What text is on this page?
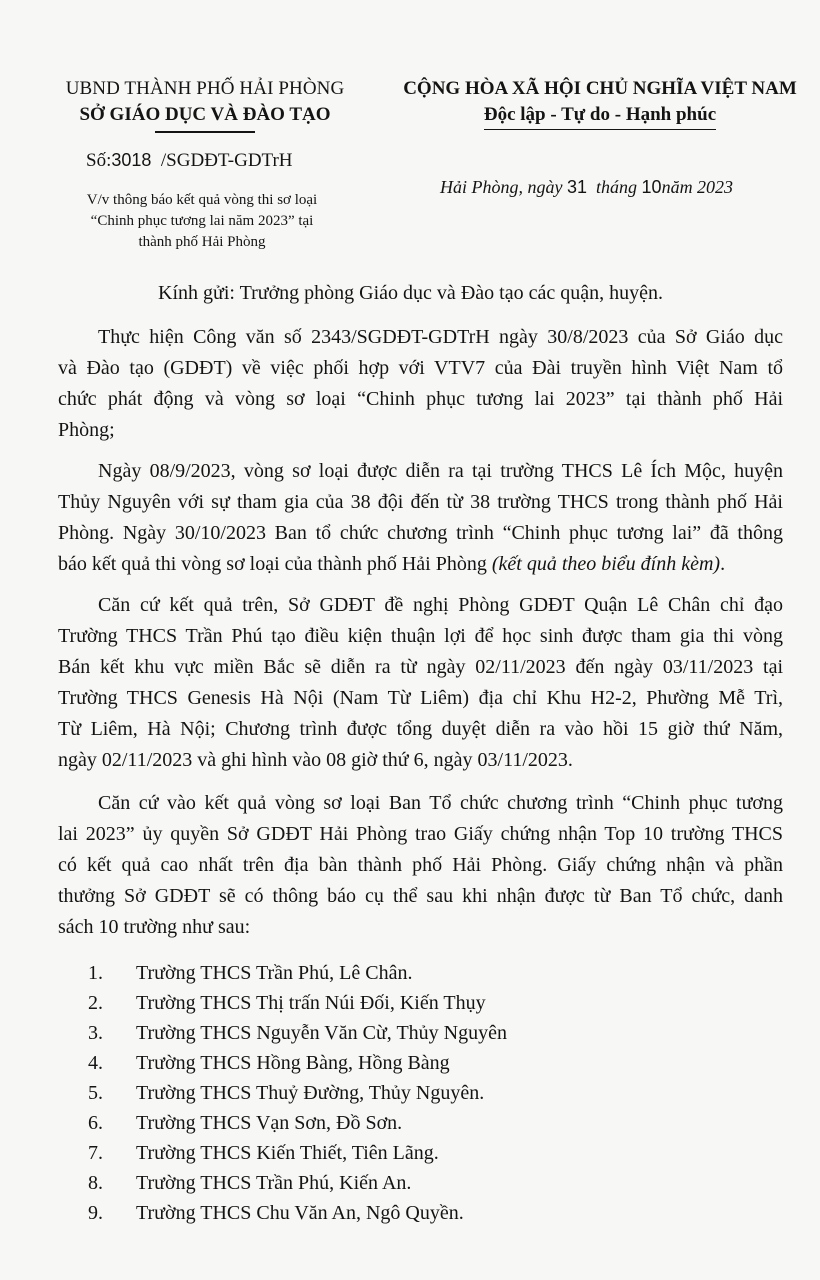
UBND THÀNH PHỐ HẢI PHÒNG
SỞ GIÁO DỤC VÀ ĐÀO TẠO
CỘNG HÒA XÃ HỘI CHỦ NGHĨA VIỆT NAM
Độc lập - Tự do - Hạnh phúc
Số:3018 /SGDĐT-GDTrH
V/v thông báo kết quả vòng thi sơ loại
“Chinh phục tương lai năm 2023” tại
thành phố Hải Phòng
Hải Phòng, ngày 31 tháng 10năm 2023
Kính gửi: Trưởng phòng Giáo dục và Đào tạo các quận, huyện.
Thực hiện Công văn số 2343/SGDĐT-GDTrH ngày 30/8/2023 của Sở Giáo dục
và Đào tạo (GDĐT) về việc phối hợp với VTV7 của Đài truyền hình Việt Nam tổ
chức phát động và vòng sơ loại “Chinh phục tương lai 2023” tại thành phố Hải
Phòng;
Ngày 08/9/2023, vòng sơ loại được diễn ra tại trường THCS Lê Ích Mộc, huyện
Thủy Nguyên với sự tham gia của 38 đội đến từ 38 trường THCS trong thành phố Hải
Phòng. Ngày 30/10/2023 Ban tổ chức chương trình “Chinh phục tương lai” đã thông
báo kết quả thi vòng sơ loại của thành phố Hải Phòng (kết quả theo biểu đính kèm).
Căn cứ kết quả trên, Sở GDĐT đề nghị Phòng GDĐT Quận Lê Chân chỉ đạo
Trường THCS Trần Phú tạo điều kiện thuận lợi để học sinh được tham gia thi vòng
Bán kết khu vực miền Bắc sẽ diễn ra từ ngày 02/11/2023 đến ngày 03/11/2023 tại
Trường THCS Genesis Hà Nội (Nam Từ Liêm) địa chỉ Khu H2-2, Phường Mễ Trì,
Từ Liêm, Hà Nội; Chương trình được tổng duyệt diễn ra vào hồi 15 giờ thứ Năm,
ngày 02/11/2023 và ghi hình vào 08 giờ thứ 6, ngày 03/11/2023.
Căn cứ vào kết quả vòng sơ loại Ban Tổ chức chương trình “Chinh phục tương
lai 2023” ủy quyền Sở GDĐT Hải Phòng trao Giấy chứng nhận Top 10 trường THCS
có kết quả cao nhất trên địa bàn thành phố Hải Phòng. Giấy chứng nhận và phần
thưởng Sở GDĐT sẽ có thông báo cụ thể sau khi nhận được từ Ban Tổ chức, danh
sách 10 trường như sau:
1. Trường THCS Trần Phú, Lê Chân.
2. Trường THCS Thị trấn Núi Đối, Kiến Thụy
3. Trường THCS Nguyễn Văn Cừ, Thủy Nguyên
4. Trường THCS Hồng Bàng, Hồng Bàng
5. Trường THCS Thuỷ Đường, Thủy Nguyên.
6. Trường THCS Vạn Sơn, Đồ Sơn.
7. Trường THCS Kiến Thiết, Tiên Lãng.
8. Trường THCS Trần Phú, Kiến An.
9. Trường THCS Chu Văn An, Ngô Quyền.
